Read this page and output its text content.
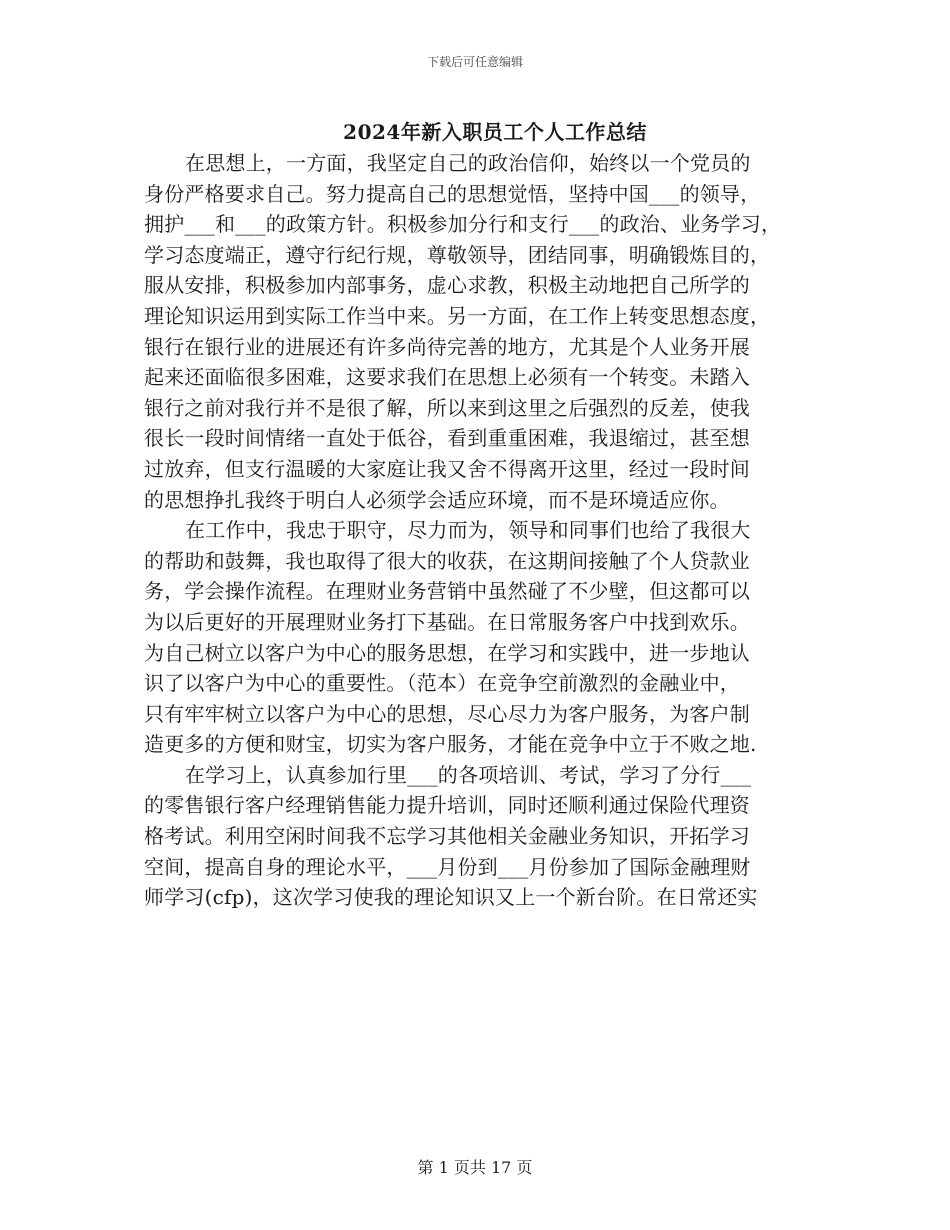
下载后可任意编辑
2024年新入职员工个人工作总结
在思想上，一方面，我坚定自己的政治信仰，始终以一个党员的
身份严格要求自己。努力提高自己的思想觉悟，坚持中国___的领导，
拥护___和___的政策方针。积极参加分行和支行___的政治、业务学习，
学习态度端正，遵守行纪行规，尊敬领导，团结同事，明确锻炼目的，
服从安排，积极参加内部事务，虚心求教，积极主动地把自己所学的
理论知识运用到实际工作当中来。另一方面，在工作上转变思想态度，
银行在银行业的进展还有许多尚待完善的地方，尤其是个人业务开展
起来还面临很多困难，这要求我们在思想上必须有一个转变。未踏入
银行之前对我行并不是很了解，所以来到这里之后强烈的反差，使我
很长一段时间情绪一直处于低谷，看到重重困难，我退缩过，甚至想
过放弃，但支行温暖的大家庭让我又舍不得离开这里，经过一段时间
的思想挣扎我终于明白人必须学会适应环境，而不是环境适应你。
在工作中，我忠于职守，尽力而为，领导和同事们也给了我很大
的帮助和鼓舞，我也取得了很大的收获，在这期间接触了个人贷款业
务，学会操作流程。在理财业务营销中虽然碰了不少壁，但这都可以
为以后更好的开展理财业务打下基础。在日常服务客户中找到欢乐。
为自己树立以客户为中心的服务思想，在学习和实践中，进一步地认
识了以客户为中心的重要性。（范本）在竞争空前激烈的金融业中，
只有牢牢树立以客户为中心的思想，尽心尽力为客户服务，为客户制
造更多的方便和财宝，切实为客户服务，才能在竞争中立于不败之地.
在学习上，认真参加行里___的各项培训、考试，学习了分行___
的零售银行客户经理销售能力提升培训，同时还顺利通过保险代理资
格考试。利用空闲时间我不忘学习其他相关金融业务知识，开拓学习
空间，提高自身的理论水平，___月份到___月份参加了国际金融理财
师学习(cfp)，这次学习使我的理论知识又上一个新台阶。在日常还实
第 1 页共 17 页
